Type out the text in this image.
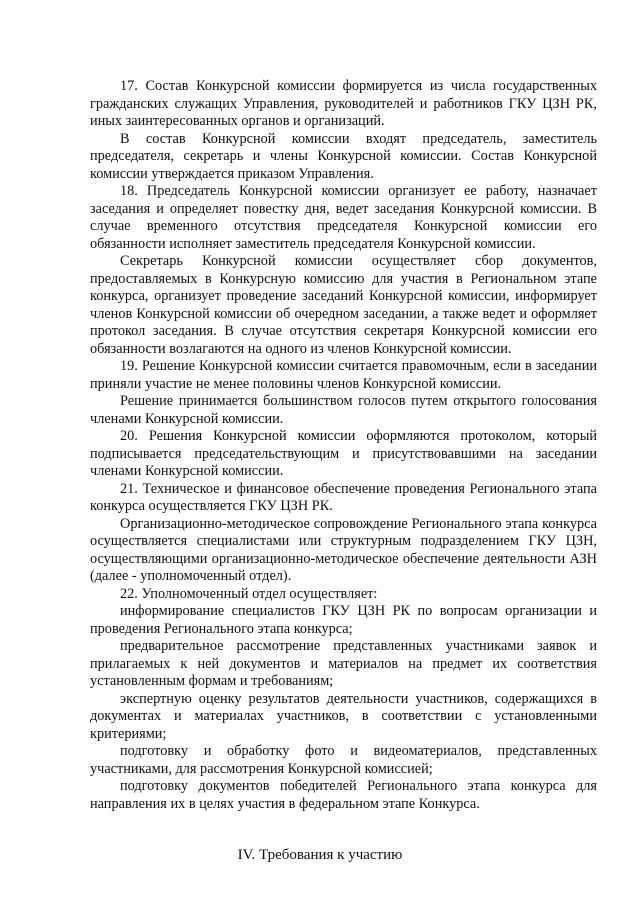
17. Состав Конкурсной комиссии формируется из числа государственных гражданских служащих Управления, руководителей и работников ГКУ ЦЗН РК, иных заинтересованных органов и организаций.

В состав Конкурсной комиссии входят председатель, заместитель председателя, секретарь и члены Конкурсной комиссии. Состав Конкурсной комиссии утверждается приказом Управления.

18. Председатель Конкурсной комиссии организует ее работу, назначает заседания и определяет повестку дня, ведет заседания Конкурсной комиссии. В случае временного отсутствия председателя Конкурсной комиссии его обязанности исполняет заместитель председателя Конкурсной комиссии.

Секретарь Конкурсной комиссии осуществляет сбор документов, предоставляемых в Конкурсную комиссию для участия в Региональном этапе конкурса, организует проведение заседаний Конкурсной комиссии, информирует членов Конкурсной комиссии об очередном заседании, а также ведет и оформляет протокол заседания. В случае отсутствия секретаря Конкурсной комиссии его обязанности возлагаются на одного из членов Конкурсной комиссии.

19. Решение Конкурсной комиссии считается правомочным, если в заседании приняли участие не менее половины членов Конкурсной комиссии.

Решение принимается большинством голосов путем открытого голосования членами Конкурсной комиссии.

20. Решения Конкурсной комиссии оформляются протоколом, который подписывается председательствующим и присутствовавшими на заседании членами Конкурсной комиссии.

21. Техническое и финансовое обеспечение проведения Регионального этапа конкурса осуществляется ГКУ ЦЗН РК.

Организационно-методическое сопровождение Регионального этапа конкурса осуществляется специалистами или структурным подразделением ГКУ ЦЗН, осуществляющими организационно-методическое обеспечение деятельности АЗН (далее - уполномоченный отдел).

22. Уполномоченный отдел осуществляет:

информирование специалистов ГКУ ЦЗН РК по вопросам организации и проведения Регионального этапа конкурса;

предварительное рассмотрение представленных участниками заявок и прилагаемых к ней документов и материалов на предмет их соответствия установленным формам и требованиям;

экспертную оценку результатов деятельности участников, содержащихся в документах и материалах участников, в соответствии с установленными критериями;

подготовку и обработку фото и видеоматериалов, представленных участниками, для рассмотрения Конкурсной комиссией;

подготовку документов победителей Регионального этапа конкурса для направления их в целях участия в федеральном этапе Конкурса.

IV. Требования к участию
